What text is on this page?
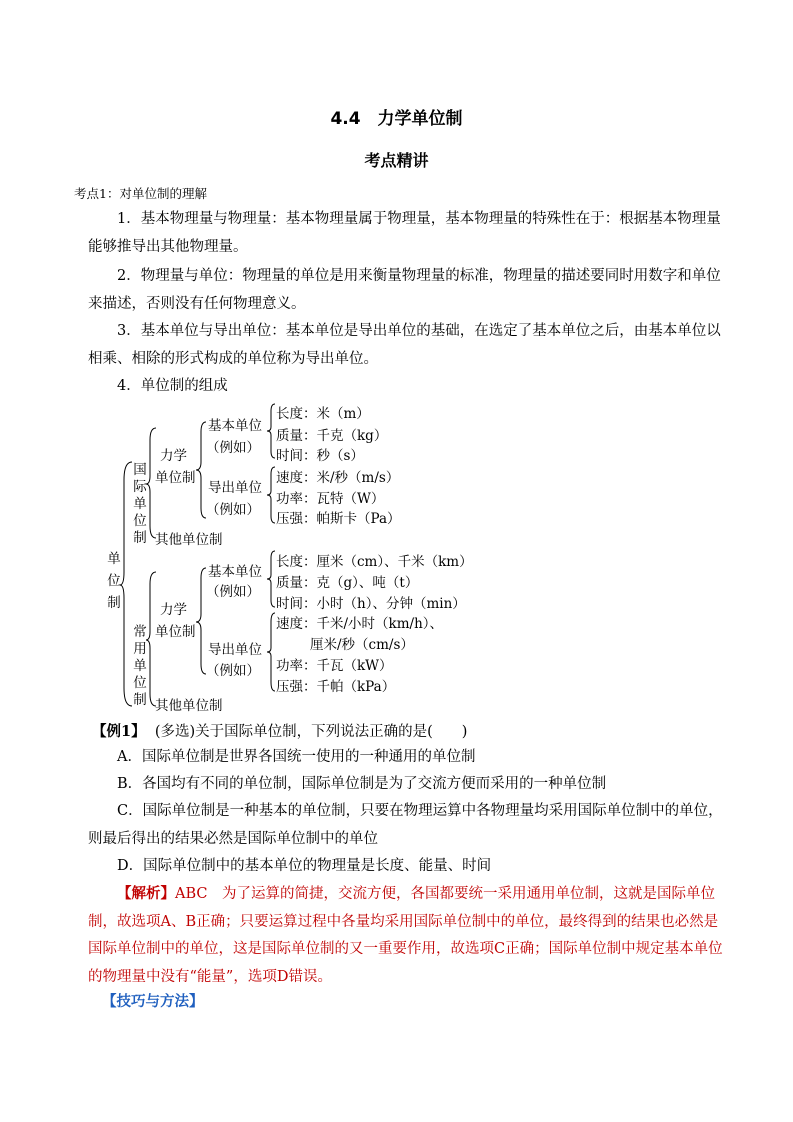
4.4　力学单位制
考点精讲
考点1：对单位制的理解
1．基本物理量与物理量：基本物理量属于物理量，基本物理量的特殊性在于：根据基本物理量能够推导出其他物理量。
2．物理量与单位：物理量的单位是用来衡量物理量的标准，物理量的描述要同时用数字和单位来描述，否则没有任何物理意义。
3．基本单位与导出单位：基本单位是导出单位的基础，在选定了基本单位之后，由基本单位以相乘、相除的形式构成的单位称为导出单位。
4．单位制的组成
单位制
国际单位制
力学
单位制
基本单位
（例如）
长度：米（m）
质量：千克（kg）
时间：秒（s）
导出单位
（例如）
速度：米/秒（m/s）
功率：瓦特（W）
压强：帕斯卡（Pa）
其他单位制
常用单位制
力学
单位制
基本单位
（例如）
长度：厘米（cm）、千米（km）
质量：克（g）、吨（t）
时间：小时（h）、分钟（min）
导出单位
（例如）
速度：千米/小时（km/h）、
厘米/秒（cm/s）
功率：千瓦（kW）
压强：千帕（kPa）
其他单位制
【例1】 (多选)关于国际单位制，下列说法正确的是(　　)
A．国际单位制是世界各国统一使用的一种通用的单位制
B．各国均有不同的单位制，国际单位制是为了交流方便而采用的一种单位制
C．国际单位制是一种基本的单位制，只要在物理运算中各物理量均采用国际单位制中的单位，则最后得出的结果必然是国际单位制中的单位
D．国际单位制中的基本单位的物理量是长度、能量、时间
【解析】ABC　为了运算的简捷，交流方便，各国都要统一采用通用单位制，这就是国际单位制，故选项A、B正确；只要运算过程中各量均采用国际单位制中的单位，最终得到的结果也必然是国际单位制中的单位，这是国际单位制的又一重要作用，故选项C正确；国际单位制中规定基本单位的物理量中没有“能量”，选项D错误。
【技巧与方法】
